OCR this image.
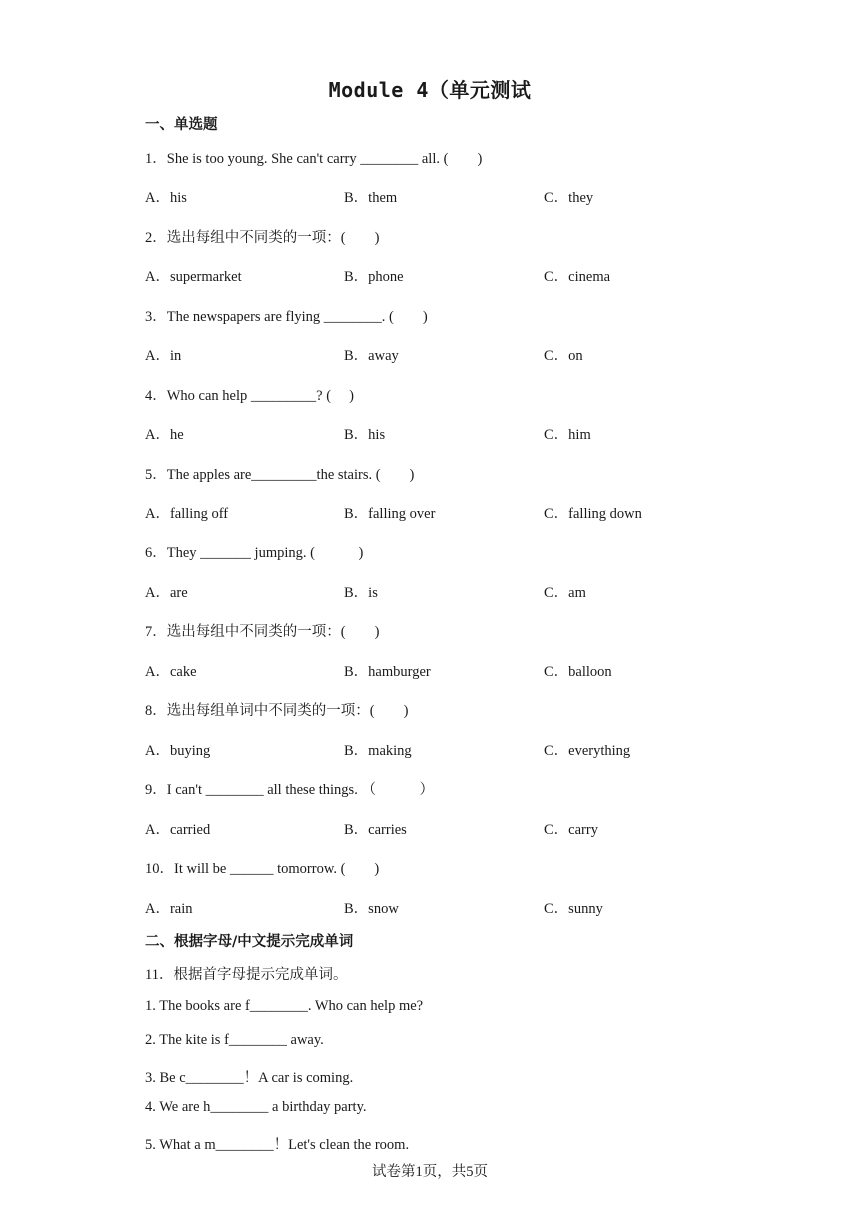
Module 4（单元测试
一、单选题
1．She is too young. She can't carry ________ all. (　　)
A．his	B．them	C．they
2．选出每组中不同类的一项：(　　)
A．supermarket	B．phone	C．cinema
3．The newspapers are flying ________. (　　)
A．in	B．away	C．on
4．Who can help _________? (　 )
A．he	B．his	C．him
5．The apples are_________the stairs. (　　)
A．falling off	B．falling over	C．falling down
6．They _______ jumping. (　　　)
A．are	B．is	C．am
7．选出每组中不同类的一项：(　　)
A．cake	B．hamburger	C．balloon
8．选出每组单词中不同类的一项：(　　)
A．buying	B．making	C．everything
9．I can't ________ all these things. （　　　）
A．carried	B．carries	C．carry
10．It will be ______ tomorrow. (　　)
A．rain	B．snow	C．sunny
二、根据字母/中文提示完成单词
11．根据首字母提示完成单词。
1. The books are f________. Who can help me?
2. The kite is f________ away.
3. Be c________！A car is coming.
4. We are h________ a birthday party.
5. What a m________！Let's clean the room.
试卷第1页，共5页
